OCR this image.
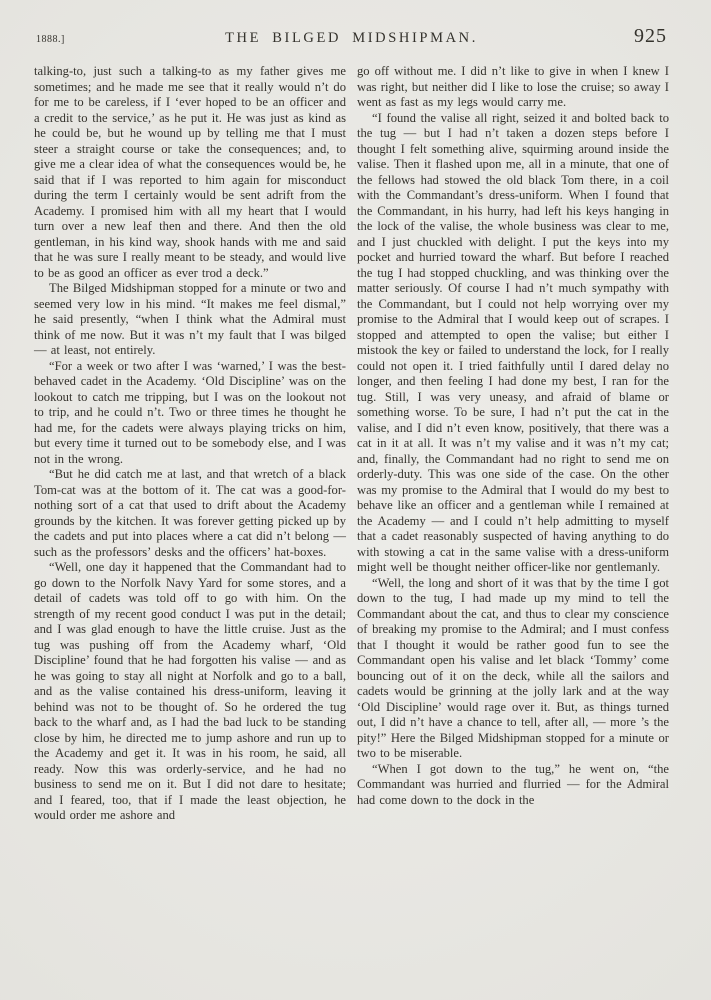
1888.]	THE BILGED MIDSHIPMAN.	925

talking-to, just such a talking-to as my father gives me sometimes; and he made me see that it really would n’t do for me to be careless, if I ‘ever hoped to be an officer and a credit to the service,’ as he put it. He was just as kind as he could be, but he wound up by telling me that I must steer a straight course or take the consequences; and, to give me a clear idea of what the consequences would be, he said that if I was reported to him again for misconduct during the term I certainly would be sent adrift from the Academy. I promised him with all my heart that I would turn over a new leaf then and there. And then the old gentleman, in his kind way, shook hands with me and said that he was sure I really meant to be steady, and would live to be as good an officer as ever trod a deck.”

The Bilged Midshipman stopped for a minute or two and seemed very low in his mind. “It makes me feel dismal,” he said presently, “when I think what the Admiral must think of me now. But it was n’t my fault that I was bilged — at least, not entirely.

“For a week or two after I was ‘warned,’ I was the best-behaved cadet in the Academy. ‘Old Discipline’ was on the lookout to catch me tripping, but I was on the lookout not to trip, and he could n’t. Two or three times he thought he had me, for the cadets were always playing tricks on him, but every time it turned out to be somebody else, and I was not in the wrong.

“But he did catch me at last, and that wretch of a black Tom-cat was at the bottom of it. The cat was a good-for-nothing sort of a cat that used to drift about the Academy grounds by the kitchen. It was forever getting picked up by the cadets and put into places where a cat did n’t belong — such as the professors’ desks and the officers’ hat-boxes.

“Well, one day it happened that the Commandant had to go down to the Norfolk Navy Yard for some stores, and a detail of cadets was told off to go with him. On the strength of my recent good conduct I was put in the detail; and I was glad enough to have the little cruise. Just as the tug was pushing off from the Academy wharf, ‘Old Discipline’ found that he had forgotten his valise — and as he was going to stay all night at Norfolk and go to a ball, and as the valise contained his dress-uniform, leaving it behind was not to be thought of. So he ordered the tug back to the wharf and, as I had the bad luck to be standing close by him, he directed me to jump ashore and run up to the Academy and get it. It was in his room, he said, all ready. Now this was orderly-service, and he had no business to send me on it. But I did not dare to hesitate; and I feared, too, that if I made the least objection, he would order me ashore and

go off without me. I did n’t like to give in when I knew I was right, but neither did I like to lose the cruise; so away I went as fast as my legs would carry me.

“I found the valise all right, seized it and bolted back to the tug — but I had n’t taken a dozen steps before I thought I felt something alive, squirming around inside the valise. Then it flashed upon me, all in a minute, that one of the fellows had stowed the old black Tom there, in a coil with the Commandant’s dress-uniform. When I found that the Commandant, in his hurry, had left his keys hanging in the lock of the valise, the whole business was clear to me, and I just chuckled with delight. I put the keys into my pocket and hurried toward the wharf. But before I reached the tug I had stopped chuckling, and was thinking over the matter seriously. Of course I had n’t much sympathy with the Commandant, but I could not help worrying over my promise to the Admiral that I would keep out of scrapes. I stopped and attempted to open the valise; but either I mistook the key or failed to understand the lock, for I really could not open it. I tried faithfully until I dared delay no longer, and then feeling I had done my best, I ran for the tug. Still, I was very uneasy, and afraid of blame or something worse. To be sure, I had n’t put the cat in the valise, and I did n’t even know, positively, that there was a cat in it at all. It was n’t my valise and it was n’t my cat; and, finally, the Commandant had no right to send me on orderly-duty. This was one side of the case. On the other was my promise to the Admiral that I would do my best to behave like an officer and a gentleman while I remained at the Academy — and I could n’t help admitting to myself that a cadet reasonably suspected of having anything to do with stowing a cat in the same valise with a dress-uniform might well be thought neither officer-like nor gentlemanly.

“Well, the long and short of it was that by the time I got down to the tug, I had made up my mind to tell the Commandant about the cat, and thus to clear my conscience of breaking my promise to the Admiral; and I must confess that I thought it would be rather good fun to see the Commandant open his valise and let black ‘Tommy’ come bouncing out of it on the deck, while all the sailors and cadets would be grinning at the jolly lark and at the way ‘Old Discipline’ would rage over it. But, as things turned out, I did n’t have a chance to tell, after all, — more ’s the pity!” Here the Bilged Midshipman stopped for a minute or two to be miserable.

“When I got down to the tug,” he went on, “the Commandant was hurried and flurried — for the Admiral had come down to the dock in the
